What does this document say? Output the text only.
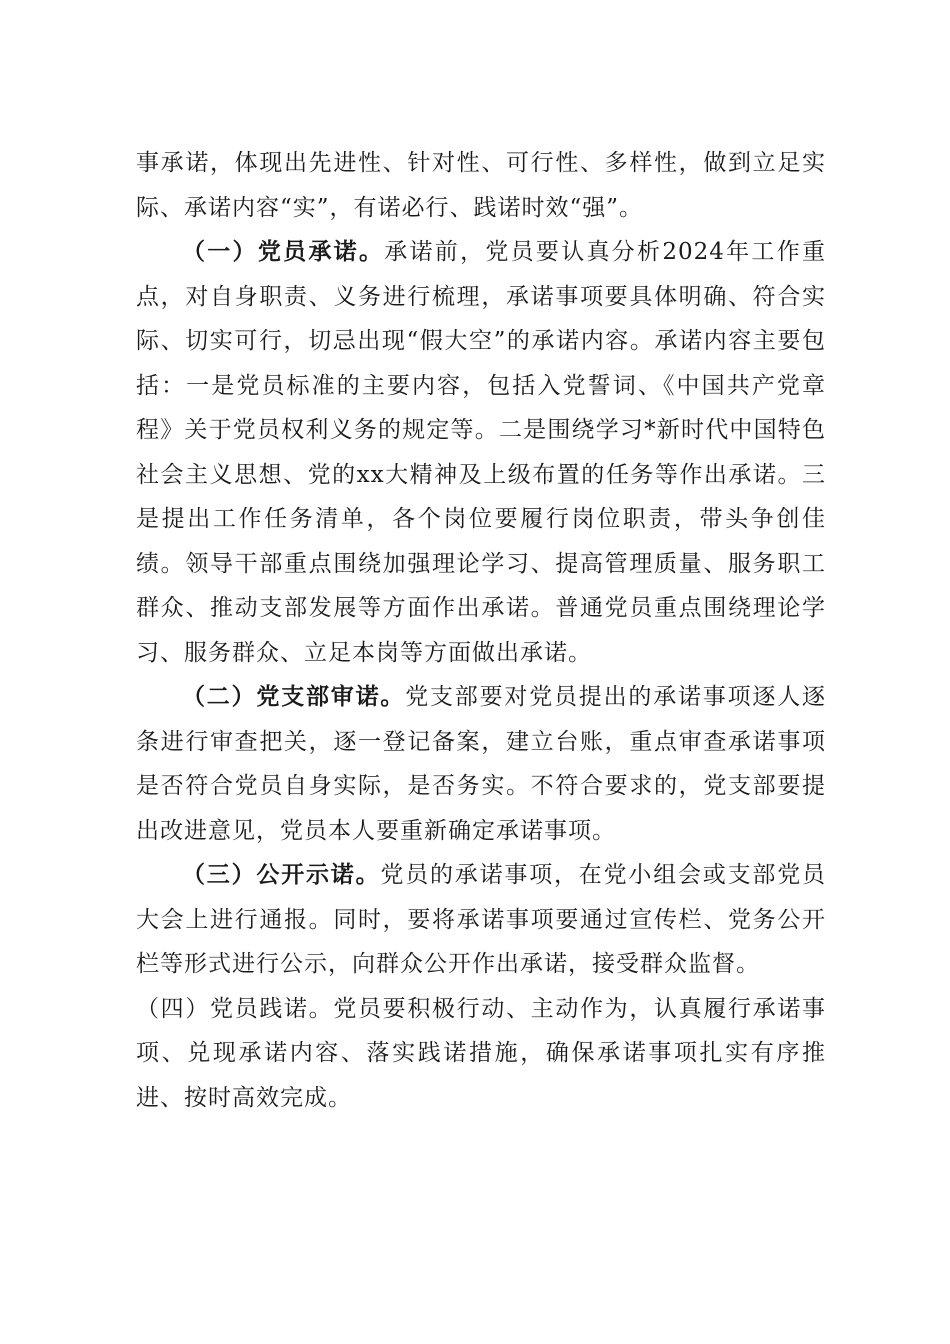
事承诺，体现出先进性、针对性、可行性、多样性，做到立足实际、承诺内容“实”，有诺必行、践诺时效“强”。

（一）党员承诺。承诺前，党员要认真分析2024年工作重点，对自身职责、义务进行梳理，承诺事项要具体明确、符合实际、切实可行，切忌出现“假大空”的承诺内容。承诺内容主要包括：一是党员标准的主要内容，包括入党誓词、《中国共产党章程》关于党员权利义务的规定等。二是围绕学习*新时代中国特色社会主义思想、党的xx大精神及上级布置的任务等作出承诺。三是提出工作任务清单，各个岗位要履行岗位职责，带头争创佳绩。领导干部重点围绕加强理论学习、提高管理质量、服务职工群众、推动支部发展等方面作出承诺。普通党员重点围绕理论学习、服务群众、立足本岗等方面做出承诺。

（二）党支部审诺。党支部要对党员提出的承诺事项逐人逐条进行审查把关，逐一登记备案，建立台账，重点审查承诺事项是否符合党员自身实际，是否务实。不符合要求的，党支部要提出改进意见，党员本人要重新确定承诺事项。

（三）公开示诺。党员的承诺事项，在党小组会或支部党员大会上进行通报。同时，要将承诺事项要通过宣传栏、党务公开栏等形式进行公示，向群众公开作出承诺，接受群众监督。

（四）党员践诺。党员要积极行动、主动作为，认真履行承诺事项、兑现承诺内容、落实践诺措施，确保承诺事项扎实有序推进、按时高效完成。
